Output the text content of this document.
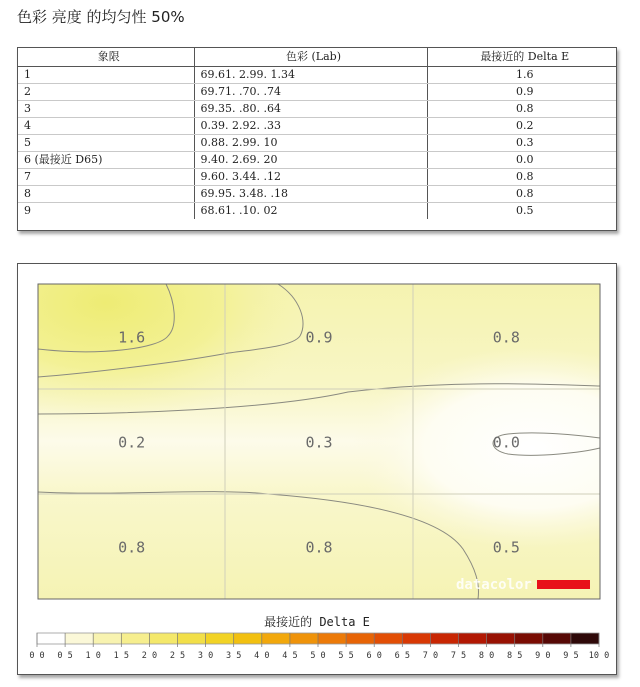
色彩 亮度 的均匀性 50%
象限	色彩 (Lab)	最接近的 Delta E
1	69.61. 2.99. 1.34	1.6
2	69.71. .70. .74	0.9
3	69.35. .80. .64	0.8
4	0.39. 2.92. .33	0.2
5	0.88. 2.99. 10	0.3
6 (最接近 D65)	9.40. 2.69. 20	0.0
7	9.60. 3.44. .12	0.8
8	69.95. 3.48. .18	0.8
9	68.61. .10. 02	0.5
1.6	0.9	0.8
0.2	0.3	0.0
0.8	0.8	0.5
datacolor
最接近的 Delta E
0 0 0 5 1 0 1 5 2 0 2 5 3 0 3 5 4 0 4 5 5 0 5 5 6 0 6 5 7 0 7 5 8 0 8 5 9 0 9 5 10 0
